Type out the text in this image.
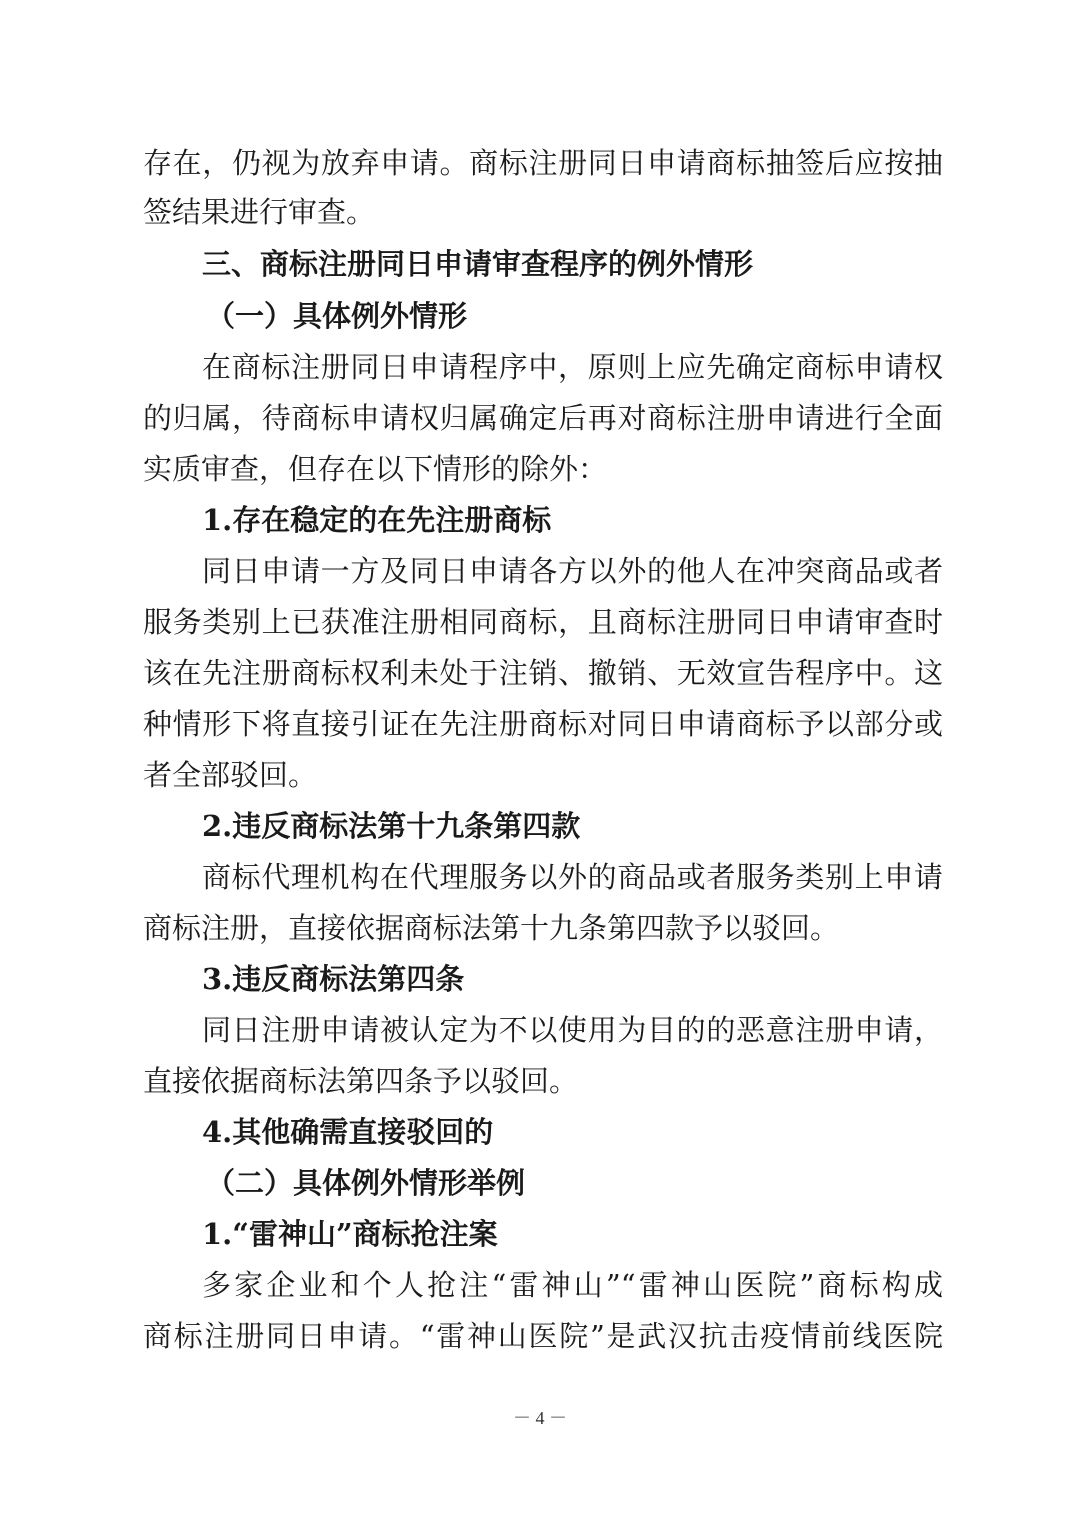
存在，仍视为放弃申请。商标注册同日申请商标抽签后应按抽
签结果进行审查。
三、商标注册同日申请审查程序的例外情形
（一）具体例外情形
在商标注册同日申请程序中，原则上应先确定商标申请权
的归属，待商标申请权归属确定后再对商标注册申请进行全面
实质审查，但存在以下情形的除外：
1.存在稳定的在先注册商标
同日申请一方及同日申请各方以外的他人在冲突商品或者
服务类别上已获准注册相同商标，且商标注册同日申请审查时
该在先注册商标权利未处于注销、撤销、无效宣告程序中。这
种情形下将直接引证在先注册商标对同日申请商标予以部分或
者全部驳回。
2.违反商标法第十九条第四款
商标代理机构在代理服务以外的商品或者服务类别上申请
商标注册，直接依据商标法第十九条第四款予以驳回。
3.违反商标法第四条
同日注册申请被认定为不以使用为目的的恶意注册申请，
直接依据商标法第四条予以驳回。
4.其他确需直接驳回的
（二）具体例外情形举例
1.“雷神山”商标抢注案
多家企业和个人抢注“雷神山”“雷神山医院”商标构成
商标注册同日申请。“雷神山医院”是武汉抗击疫情前线医院
－ 4 －
